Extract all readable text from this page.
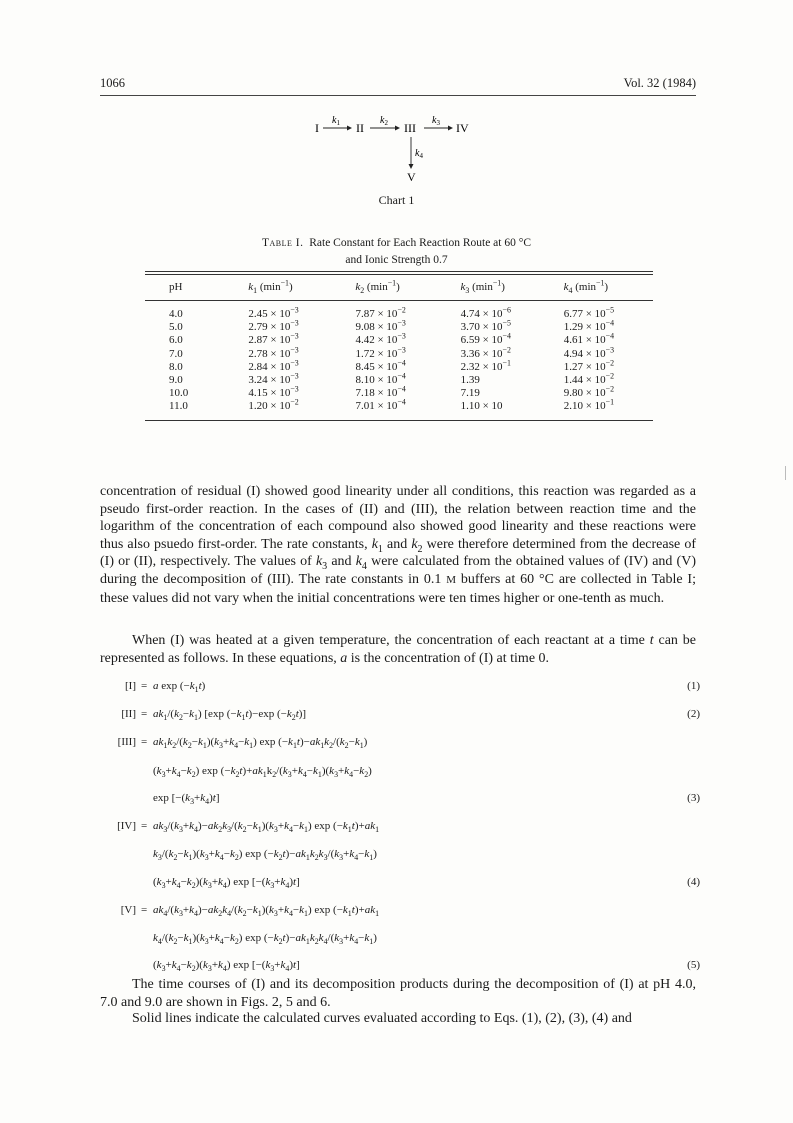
1066	Vol. 32 (1984)
I
$k_1$ II
$k_2$ III
$k_3$ IV
$k_4$
V
Chart 1
Table I. Rate Constant for Each Reaction Route at 60 °C
and Ionic Strength 0.7
pH	$k_1$ $(\min^{-1})$	$k_2$ $(\min^{-1})$	$k_3$ $(\min^{-1})$	$k_4$ $(\min^{-1})$
4.0	$2.45 \times 10^{-3}$	$7.87 \times 10^{-2}$	$4.74 \times 10^{-6}$	$6.77 \times 10^{-5}$
5.0	$2.79 \times 10^{-3}$	$9.08 \times 10^{-3}$	$3.70 \times 10^{-5}$	$1.29 \times 10^{-4}$
6.0	$2.87 \times 10^{-3}$	$4.42 \times 10^{-3}$	$6.59 \times 10^{-4}$	$4.61 \times 10^{-4}$
7.0	$2.78 \times 10^{-3}$	$1.72 \times 10^{-3}$	$3.36 \times 10^{-2}$	$4.94 \times 10^{-3}$
8.0	$2.84 \times 10^{-3}$	$8.45 \times 10^{-4}$	$2.32 \times 10^{-1}$	$1.27 \times 10^{-2}$
9.0	$3.24 \times 10^{-3}$	$8.10 \times 10^{-4}$	1.39	$1.44 \times 10^{-2}$
10.0	$4.15 \times 10^{-3}$	$7.18 \times 10^{-4}$	7.19	$9.80 \times 10^{-2}$
11.0	$1.20 \times 10^{-2}$	$7.01 \times 10^{-4}$	1.10 × 10	$2.10 \times 10^{-1}$
concentration of residual (I) showed good linearity under all conditions, this reaction was regarded as a pseudo first-order reaction. In the cases of (II) and (III), the relation between reaction time and the logarithm of the concentration of each compound also showed good linearity and these reactions were thus also psuedo first-order. The rate constants, $k_1$ and $k_2$ were therefore determined from the decrease of (I) or (II), respectively. The values of $k_3$ and $k_4$ were calculated from the obtained values of (IV) and (V) during the decomposition of (III). The rate constants in 0.1 M buffers at 60 °C are collected in Table I; these values did not vary when the initial concentrations were ten times higher or one-tenth as much.
When (I) was heated at a given temperature, the concentration of each reactant at a time t can be represented as follows. In these equations, a is the concentration of (I) at time 0.
[I] = a $\exp (-k_1t)$	(1)
$[II] = ak_1/(k_2-k_1)$ [exp $(-k_1t)-\exp$ $(-k_2t)$]	(2)
$[III] = ak_1k_2/(k_2-k_1)(k_3+k_4-k_1)$ $\exp (-k_1t)-ak_1k_2/(k_2-k_1)$
$(k_3+k_4-k_2)$ $\exp (-k_2t)+ak_1k_2/(k_3+k_4-k_1)(k_3+k_4-k_2)$
$\exp [-(k_3+k_4)t]$	(3)
$[IV] = ak_3/(k_3+k_4)-ak_2k_3/(k_2-k_1)(k_3+k_4-k_1)$ $\exp (-k_1t)+ak_1$
$k_3/(k_2-k_1)(k_3+k_4-k_2)$ $\exp (-k_2t)-ak_1k_2k_3/(k_3+k_4-k_1)$
$(k_3+k_4-k_2)(k_3+k_4)$ $\exp [-(k_3+k_4)t]$	(4)
$[V] = ak_4/(k_3+k_4)-ak_2k_4/(k_2-k_1)(k_3+k_4-k_1)$ $\exp (-k_1t)+ak_1$
$k_4/(k_2-k_1)(k_3+k_4-k_2)$ $\exp (-k_2t)-ak_1k_2k_4/(k_3+k_4-k_1)$
$(k_3+k_4-k_2)(k_3+k_4)$ $\exp [-(k_3+k_4)t]$	(5)
The time courses of (I) and its decomposition products during the decomposition of (I) at pH 4.0, 7.0 and 9.0 are shown in Figs. 2, 5 and 6.
Solid lines indicate the calculated curves evaluated according to Eqs. (1), (2), (3), (4) and
